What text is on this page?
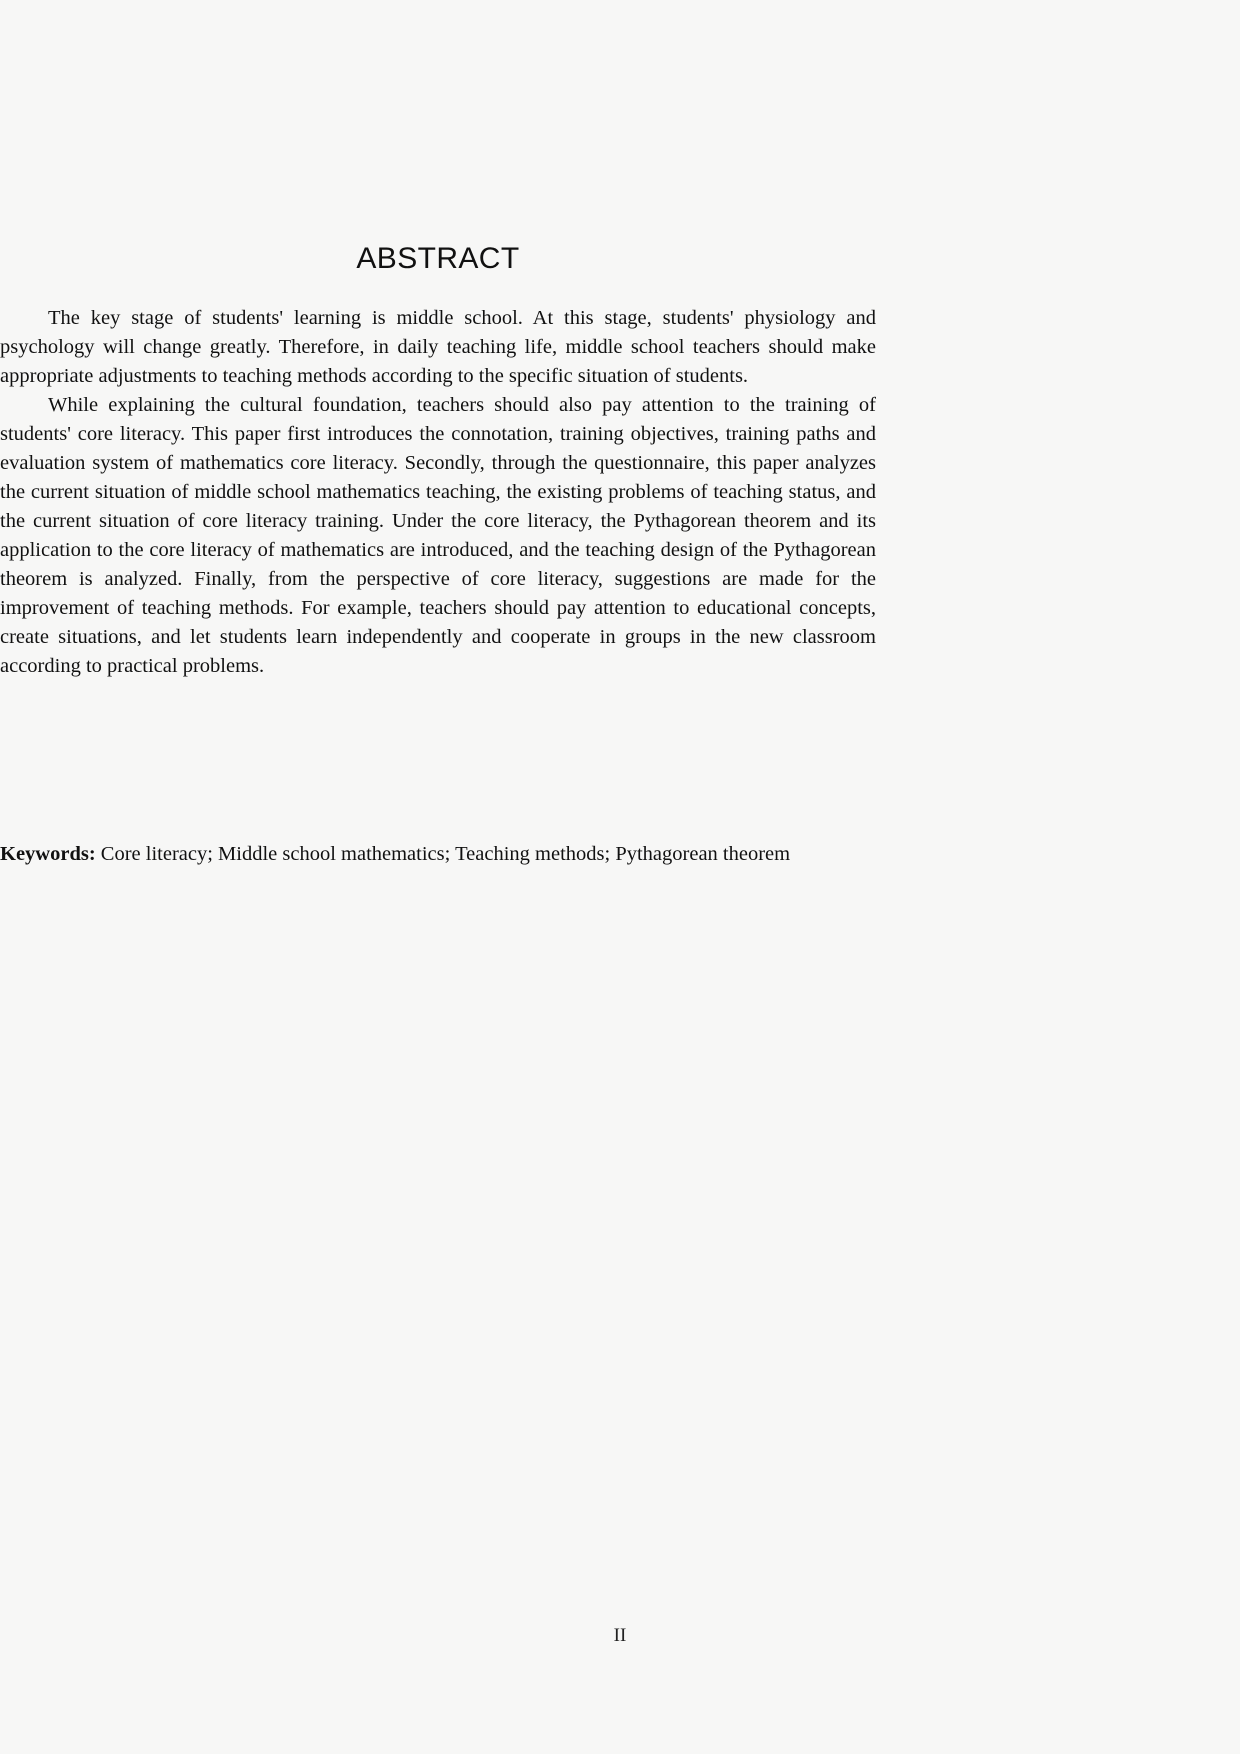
ABSTRACT

The key stage of students' learning is middle school. At this stage, students' physiology and psychology will change greatly. Therefore, in daily teaching life, middle school teachers should make appropriate adjustments to teaching methods according to the specific situation of students.

While explaining the cultural foundation, teachers should also pay attention to the training of students' core literacy. This paper first introduces the connotation, training objectives, training paths and evaluation system of mathematics core literacy. Secondly, through the questionnaire, this paper analyzes the current situation of middle school mathematics teaching, the existing problems of teaching status, and the current situation of core literacy training. Under the core literacy, the Pythagorean theorem and its application to the core literacy of mathematics are introduced, and the teaching design of the Pythagorean theorem is analyzed. Finally, from the perspective of core literacy, suggestions are made for the improvement of teaching methods. For example, teachers should pay attention to educational concepts, create situations, and let students learn independently and cooperate in groups in the new classroom according to practical problems.

Keywords: Core literacy; Middle school mathematics; Teaching methods; Pythagorean theorem

II
